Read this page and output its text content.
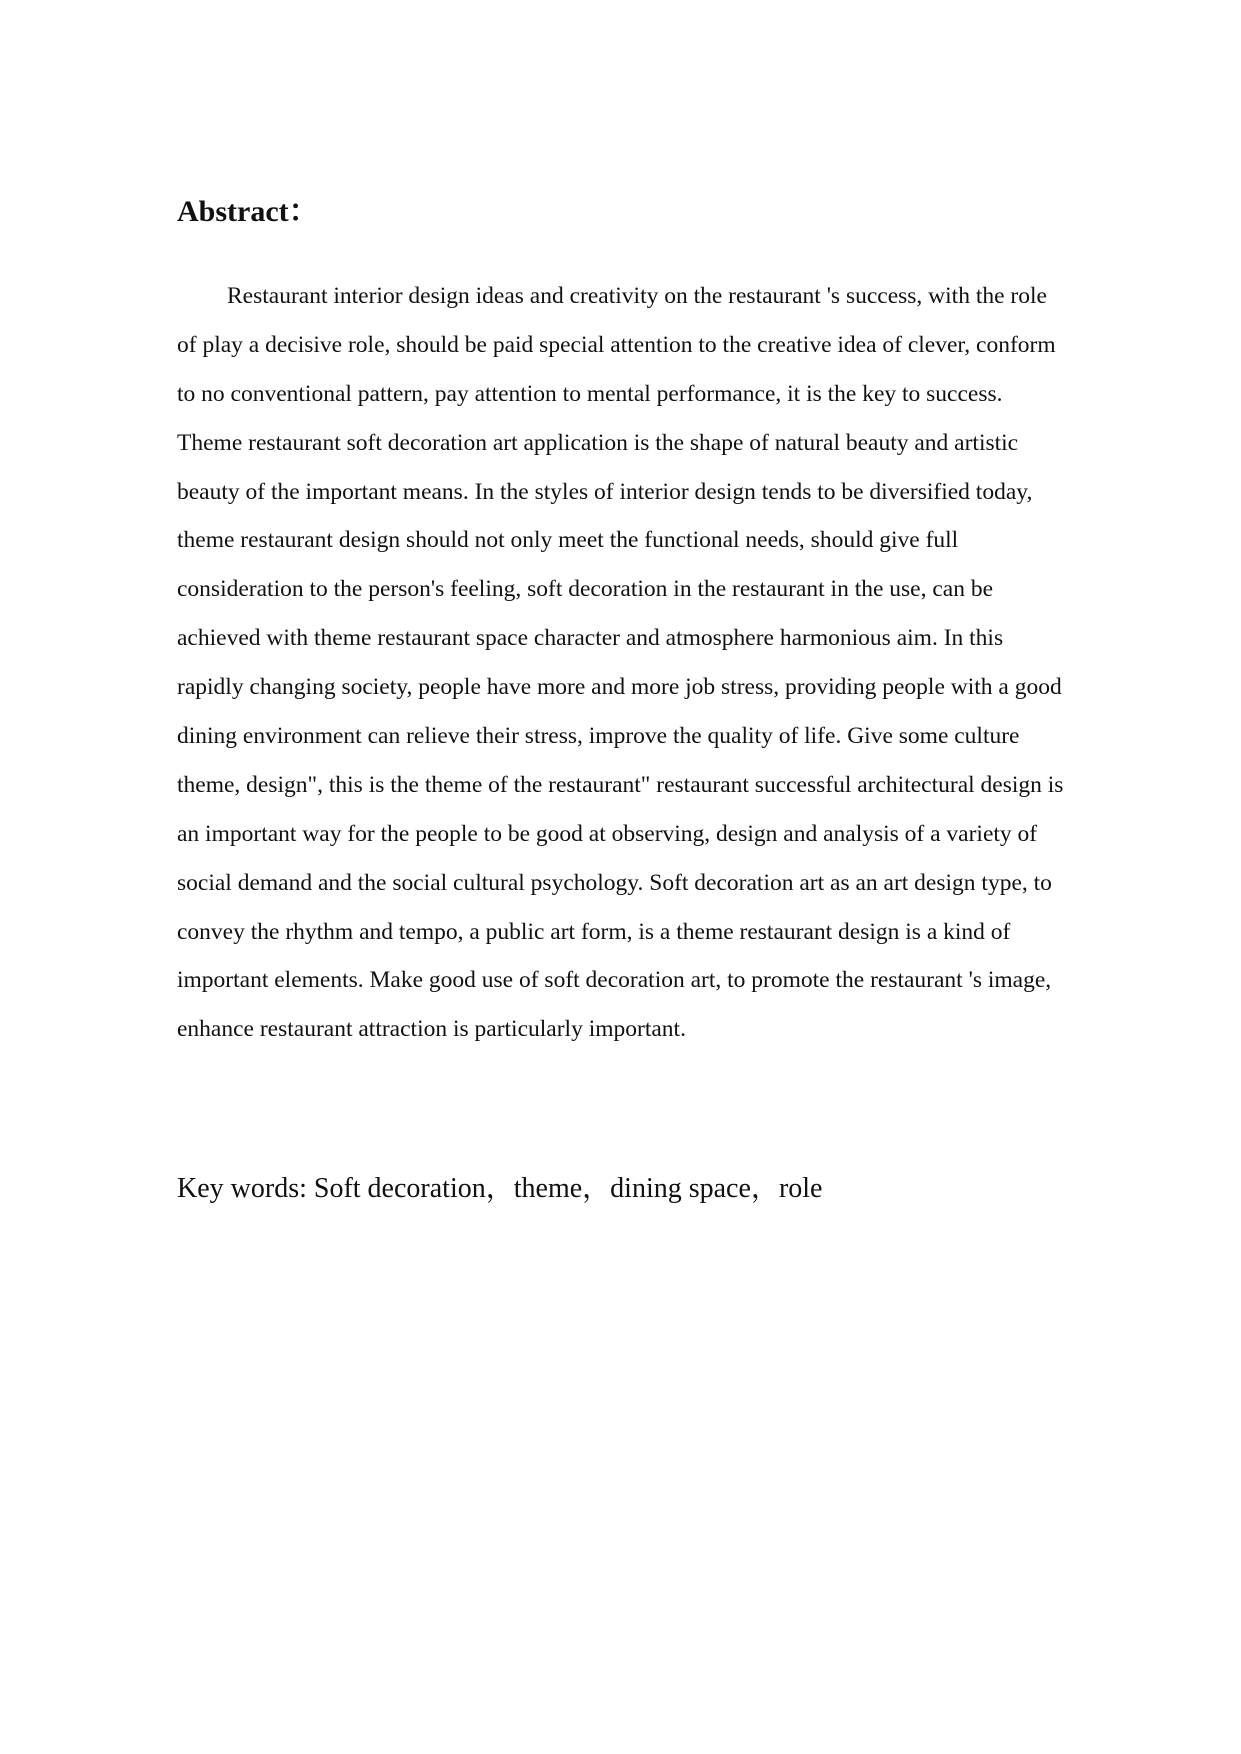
Abstract：
Restaurant interior design ideas and creativity on the restaurant 's success, with the role
of play a decisive role, should be paid special attention to the creative idea of clever, conform
to no conventional pattern, pay attention to mental performance, it is the key to success.
Theme restaurant soft decoration art application is the shape of natural beauty and artistic
beauty of the important means. In the styles of interior design tends to be diversified today,
theme restaurant design should not only meet the functional needs, should give full
consideration to the person's feeling, soft decoration in the restaurant in the use, can be
achieved with theme restaurant space character and atmosphere harmonious aim. In this
rapidly changing society, people have more and more job stress, providing people with a good
dining environment can relieve their stress, improve the quality of life. Give some culture
theme, design", this is the theme of the restaurant" restaurant successful architectural design is
an important way for the people to be good at observing, design and analysis of a variety of
social demand and the social cultural psychology. Soft decoration art as an art design type, to
convey the rhythm and tempo, a public art form, is a theme restaurant design is a kind of
important elements. Make good use of soft decoration art, to promote the restaurant 's image,
enhance restaurant attraction is particularly important.
Key words: Soft decoration，theme，dining space，role
